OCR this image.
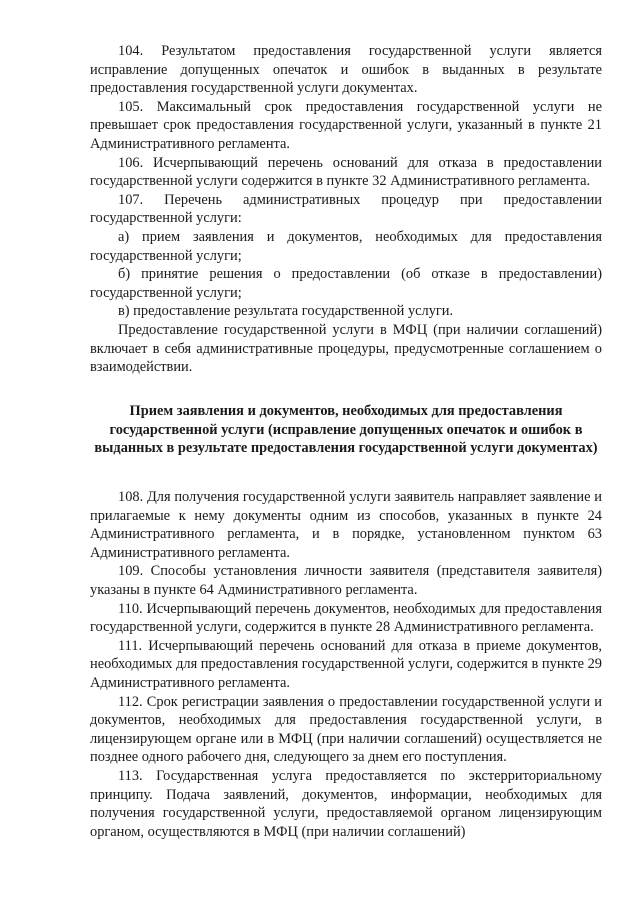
104. Результатом предоставления государственной услуги является исправление допущенных опечаток и ошибок в выданных в результате предоставления государственной услуги документах.

105. Максимальный срок предоставления государственной услуги не превышает срок предоставления государственной услуги, указанный в пункте 21 Административного регламента.

106. Исчерпывающий перечень оснований для отказа в предоставлении государственной услуги содержится в пункте 32 Административного регламента.

107. Перечень административных процедур при предоставлении государственной услуги:

а) прием заявления и документов, необходимых для предоставления государственной услуги;

б) принятие решения о предоставлении (об отказе в предоставлении) государственной услуги;

в) предоставление результата государственной услуги.

Предоставление государственной услуги в МФЦ (при наличии соглашений) включает в себя административные процедуры, предусмотренные соглашением о взаимодействии.

Прием заявления и документов, необходимых для предоставления государственной услуги (исправление допущенных опечаток и ошибок в выданных в результате предоставления государственной услуги документах)

108. Для получения государственной услуги заявитель направляет заявление и прилагаемые к нему документы одним из способов, указанных в пункте 24 Административного регламента, и в порядке, установленном пунктом 63 Административного регламента.

109. Способы установления личности заявителя (представителя заявителя) указаны в пункте 64 Административного регламента.

110. Исчерпывающий перечень документов, необходимых для предоставления государственной услуги, содержится в пункте 28 Административного регламента.

111. Исчерпывающий перечень оснований для отказа в приеме документов, необходимых для предоставления государственной услуги, содержится в пункте 29 Административного регламента.

112. Срок регистрации заявления о предоставлении государственной услуги и документов, необходимых для предоставления государственной услуги, в лицензирующем органе или в МФЦ (при наличии соглашений) осуществляется не позднее одного рабочего дня, следующего за днем его поступления.

113. Государственная услуга предоставляется по экстерриториальному принципу. Подача заявлений, документов, информации, необходимых для получения государственной услуги, предоставляемой органом лицензирующим органом, осуществляются в МФЦ (при наличии соглашений)
